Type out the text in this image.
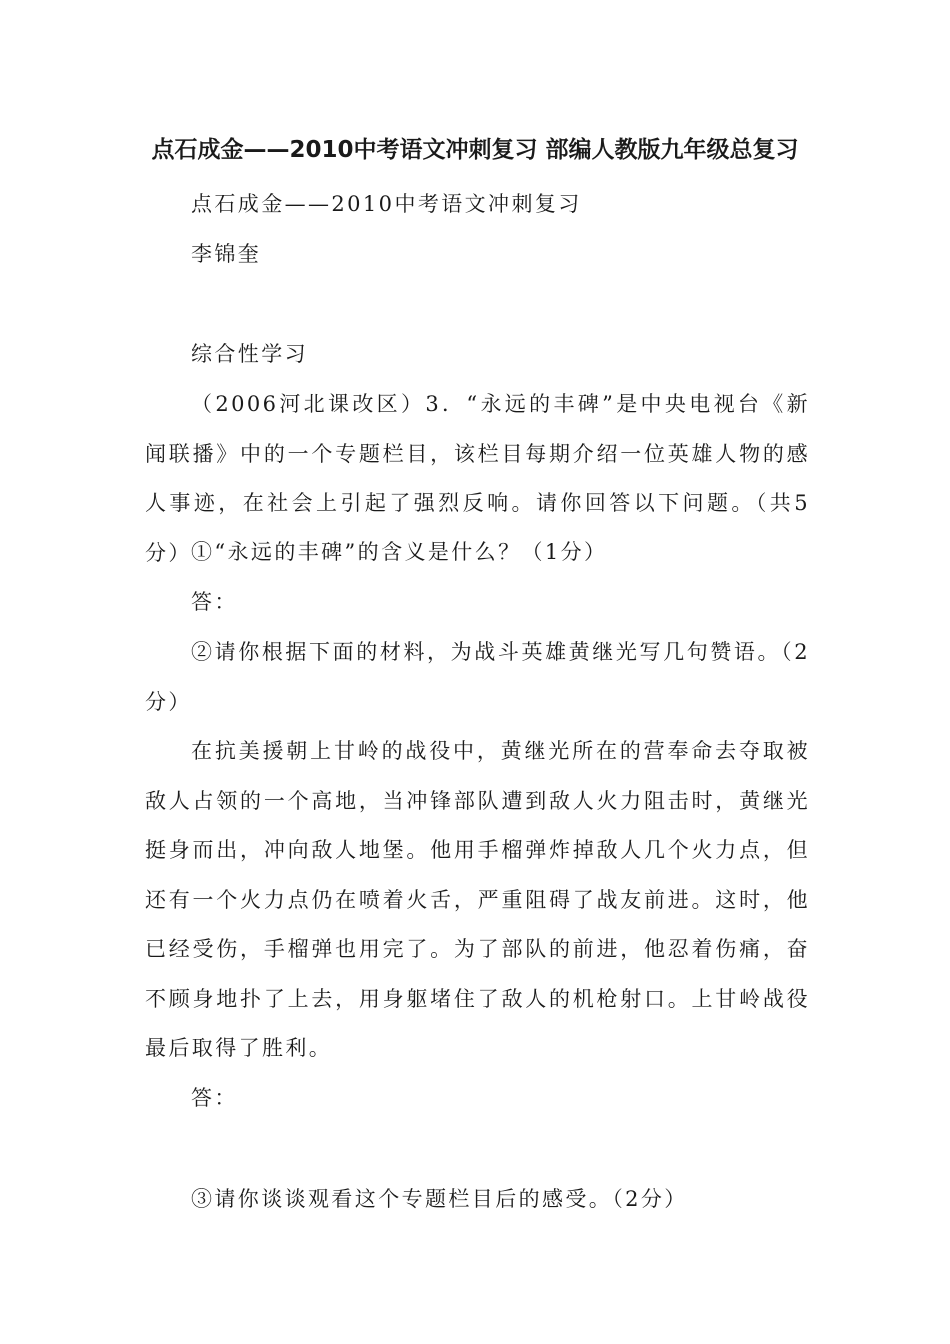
点石成金——2010中考语文冲刺复习 部编人教版九年级总复习

点石成金——2010中考语文冲刺复习

李锦奎

综合性学习

（2006河北课改区）3．“永远的丰碑”是中央电视台《新闻联播》中的一个专题栏目，该栏目每期介绍一位英雄人物的感人事迹，在社会上引起了强烈反响。请你回答以下问题。（共5分） ①“永远的丰碑”的含义是什么？（1分）

答：

②请你根据下面的材料，为战斗英雄黄继光写几句赞语。（2分）

在抗美援朝上甘岭的战役中，黄继光所在的营奉命去夺取被敌人占领的一个高地，当冲锋部队遭到敌人火力阻击时，黄继光挺身而出，冲向敌人地堡。他用手榴弹炸掉敌人几个火力点，但还有一个火力点仍在喷着火舌，严重阻碍了战友前进。这时，他已经受伤，手榴弹也用完了。为了部队的前进，他忍着伤痛，奋不顾身地扑了上去，用身躯堵住了敌人的机枪射口。上甘岭战役最后取得了胜利。

答：

③请你谈谈观看这个专题栏目后的感受。（2分）
